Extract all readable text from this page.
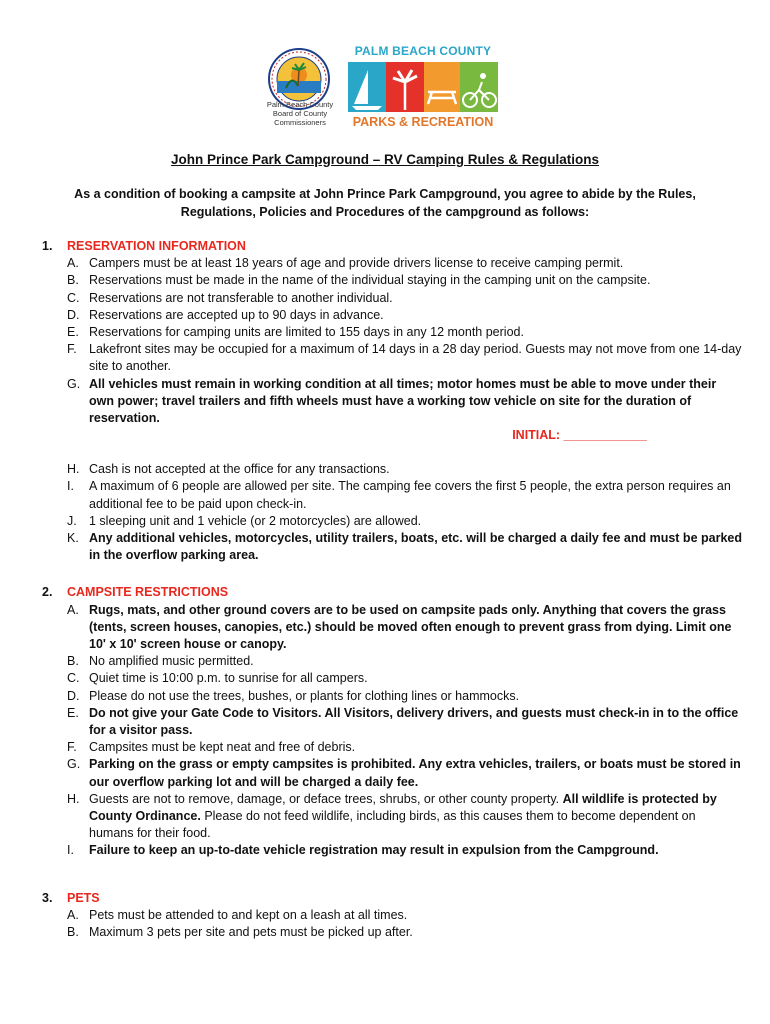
Palm Beach County
Board of County
Commissioners
PALM BEACH COUNTY
PARKS & RECREATION
John Prince Park Campground – RV Camping Rules & Regulations
As a condition of booking a campsite at John Prince Park Campground, you agree to abide by the Rules, Regulations, Policies and Procedures of the campground as follows:
1. RESERVATION INFORMATION
A. Campers must be at least 18 years of age and provide drivers license to receive camping permit.
B. Reservations must be made in the name of the individual staying in the camping unit on the campsite.
C. Reservations are not transferable to another individual.
D. Reservations are accepted up to 90 days in advance.
E. Reservations for camping units are limited to 155 days in any 12 month period.
F. Lakefront sites may be occupied for a maximum of 14 days in a 28 day period. Guests may not move from one 14-day site to another.
G. All vehicles must remain in working condition at all times; motor homes must be able to move under their own power; travel trailers and fifth wheels must have a working tow vehicle on site for the duration of reservation.
INITIAL: ____________
H. Cash is not accepted at the office for any transactions.
I. A maximum of 6 people are allowed per site. The camping fee covers the first 5 people, the extra person requires an additional fee to be paid upon check-in.
J. 1 sleeping unit and 1 vehicle (or 2 motorcycles) are allowed.
K. Any additional vehicles, motorcycles, utility trailers, boats, etc. will be charged a daily fee and must be parked in the overflow parking area.
2. CAMPSITE RESTRICTIONS
A. Rugs, mats, and other ground covers are to be used on campsite pads only. Anything that covers the grass (tents, screen houses, canopies, etc.) should be moved often enough to prevent grass from dying. Limit one 10' x 10' screen house or canopy.
B. No amplified music permitted.
C. Quiet time is 10:00 p.m. to sunrise for all campers.
D. Please do not use the trees, bushes, or plants for clothing lines or hammocks.
E. Do not give your Gate Code to Visitors. All Visitors, delivery drivers, and guests must check-in in to the office for a visitor pass.
F. Campsites must be kept neat and free of debris.
G. Parking on the grass or empty campsites is prohibited. Any extra vehicles, trailers, or boats must be stored in our overflow parking lot and will be charged a daily fee.
H. Guests are not to remove, damage, or deface trees, shrubs, or other county property. All wildlife is protected by County Ordinance. Please do not feed wildlife, including birds, as this causes them to become dependent on humans for their food.
I. Failure to keep an up-to-date vehicle registration may result in expulsion from the Campground.
3. PETS
A. Pets must be attended to and kept on a leash at all times.
B. Maximum 3 pets per site and pets must be picked up after.
